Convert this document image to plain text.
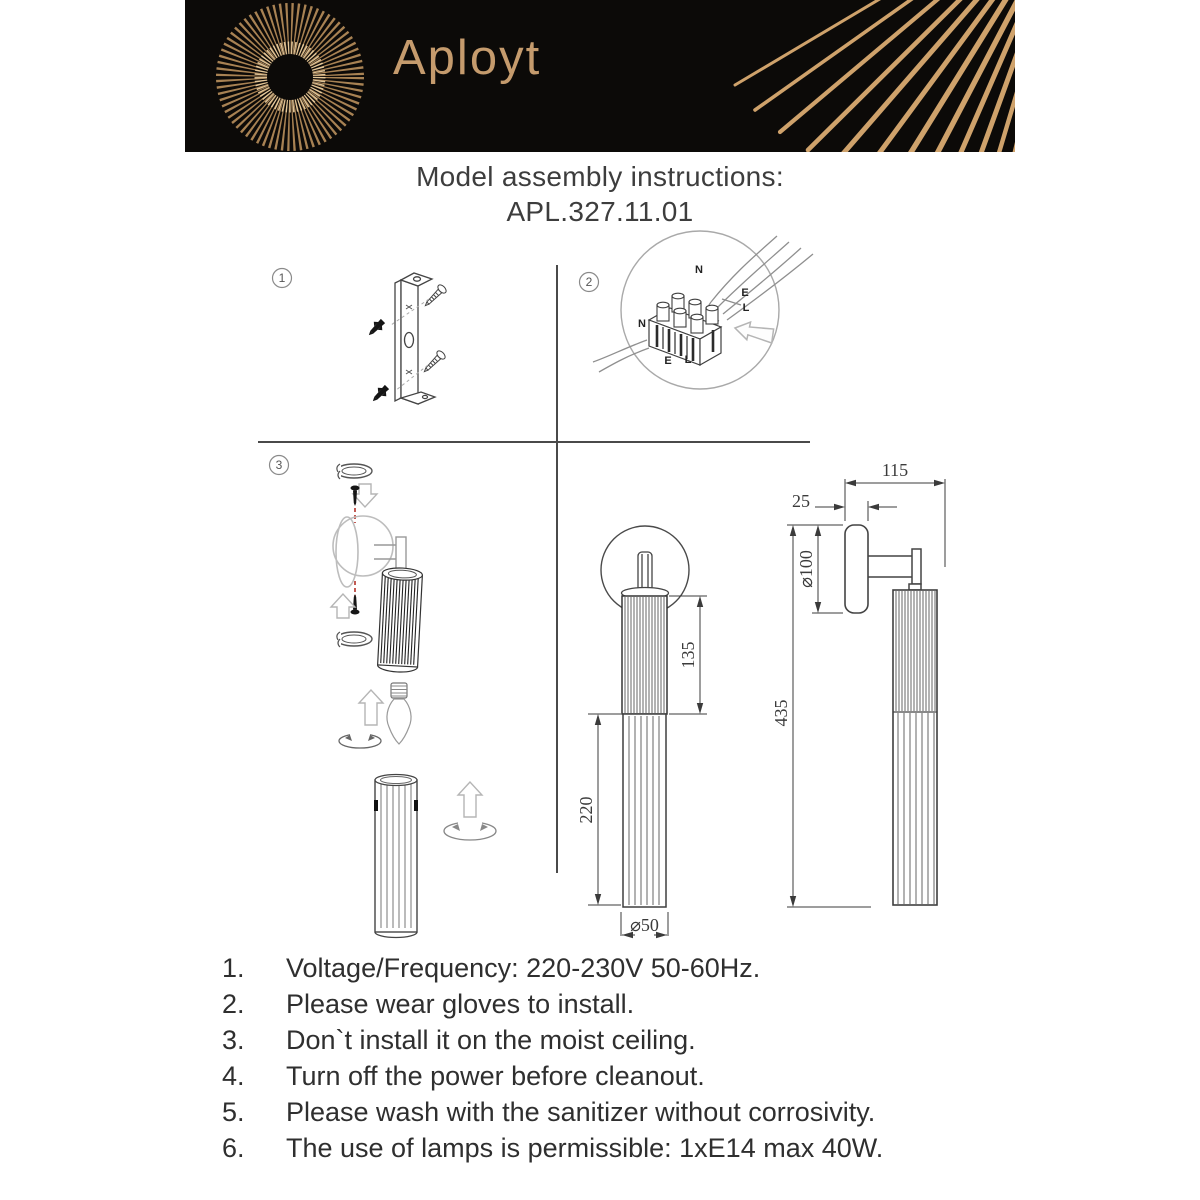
Aployt
Model assembly instructions:
APL.327.11.01
1	2
N
E
L
N
E L
3
135
220
⌀50
115
25
⌀100
435
1.	Voltage/Frequency: 220-230V 50-60Hz.
2.	Please wear gloves to install.
3.	Don`t install it on the moist ceiling.
4.	Turn off the power before cleanout.
5.	Please wash with the sanitizer without corrosivity.
6.	The use of lamps is permissible: 1xE14 max 40W.
